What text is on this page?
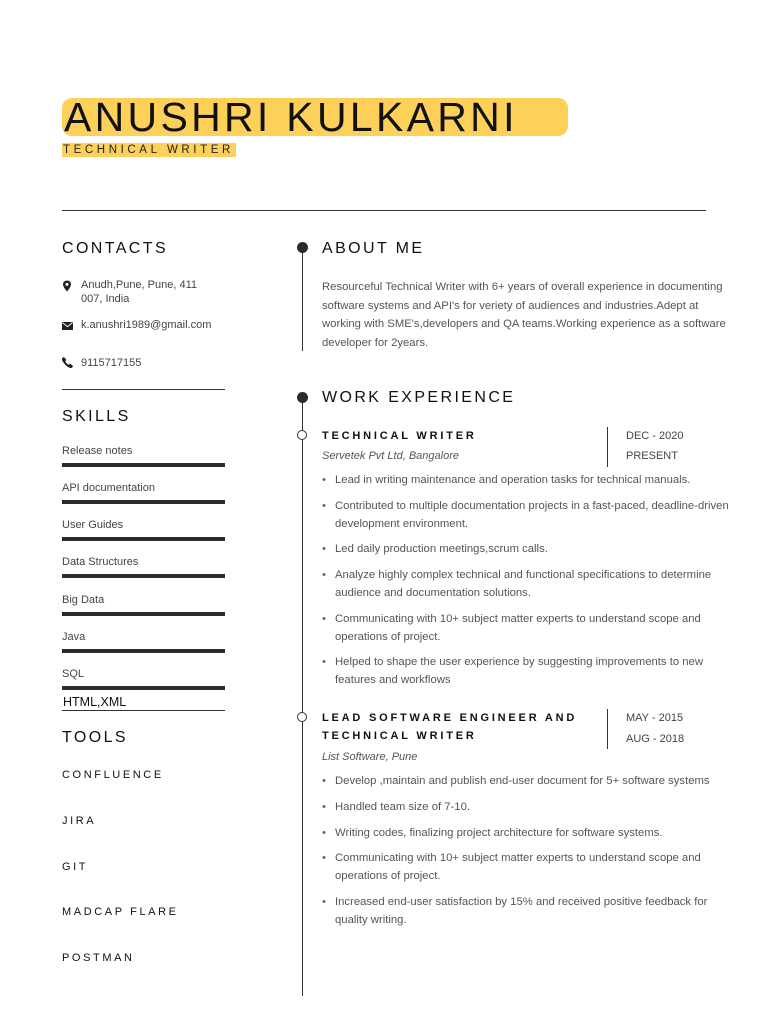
ANUSHRI KULKARNI
TECHNICAL WRITER
CONTACTS
Anudh,Pune, Pune, 411007, India
k.anushri1989@gmail.com
9115717155
SKILLS
Release notes
API documentation
User Guides
Data Structures
Big Data
Java
SQL
HTML,XML
TOOLS
CONFLUENCE
JIRA
GIT
MADCAP FLARE
POSTMAN
ABOUT ME
Resourceful Technical Writer with 6+ years of overall experience in documenting software systems and API's for veriety of audiences and industries.Adept at working with SME's,developers and QA teams.Working experience as a software developer for 2years.
WORK EXPERIENCE
TECHNICAL WRITER
Servetek Pvt Ltd, Bangalore
DEC - 2020
PRESENT
• Lead in writing maintenance and operation tasks for technical manuals.
• Contributed to multiple documentation projects in a fast-paced, deadline-driven development environment.
• Led daily production meetings,scrum calls.
• Analyze highly complex technical and functional specifications to determine audience and documentation solutions.
• Communicating with 10+ subject matter experts to understand scope and operations of project.
• Helped to shape the user experience by suggesting improvements to new features and workflows
LEAD SOFTWARE ENGINEER AND TECHNICAL WRITER
List Software, Pune
MAY - 2015
AUG - 2018
• Develop ,maintain and publish end-user document for 5+ software systems
• Handled team size of 7-10.
• Writing codes, finalizing project architecture for software systems.
• Communicating with 10+ subject matter experts to understand scope and operations of project.
• Increased end-user satisfaction by 15% and received positive feedback for quality writing.
